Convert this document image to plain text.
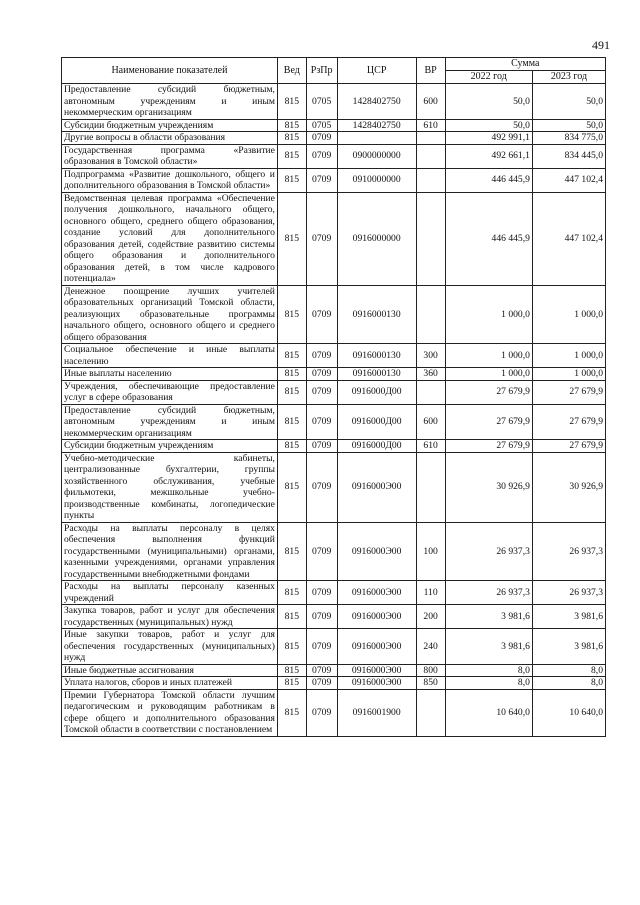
491
Наименование показателей	Вед	РзПр	ЦСР	ВР	Сумма	
					2022 год	2023 год
Предоставление субсидий бюджетным, автономным учреждениям и иным некоммерческим организациям	815	0705	1428402750	600	50,0	50,0
Субсидии бюджетным учреждениям	815	0705	1428402750	610	50,0	50,0
Другие вопросы в области образования	815	0709			492 991,1	834 775,0
Государственная программа «Развитие образования в Томской области»	815	0709	0900000000		492 661,1	834 445,0
Подпрограмма «Развитие дошкольного, общего и дополнительного образования в Томской области»	815	0709	0910000000		446 445,9	447 102,4
Ведомственная целевая программа «Обеспечение получения дошкольного, начального общего, основного общего, среднего общего образования, создание условий для дополнительного образования детей, содействие развитию системы общего образования и дополнительного образования детей, в том числе кадрового потенциала»	815	0709	0916000000		446 445,9	447 102,4
Денежное поощрение лучших учителей образовательных организаций Томской области, реализующих образовательные программы начального общего, основного общего и среднего общего образования	815	0709	0916000130		1 000,0	1 000,0
Социальное обеспечение и иные выплаты населению	815	0709	0916000130	300	1 000,0	1 000,0
Иные выплаты населению	815	0709	0916000130	360	1 000,0	1 000,0
Учреждения, обеспечивающие предоставление услуг в сфере образования	815	0709	0916000Д00		27 679,9	27 679,9
Предоставление субсидий бюджетным, автономным учреждениям и иным некоммерческим организациям	815	0709	0916000Д00	600	27 679,9	27 679,9
Субсидии бюджетным учреждениям	815	0709	0916000Д00	610	27 679,9	27 679,9
Учебно-методические кабинеты, централизованные бухгалтерии, группы хозяйственного обслуживания, учебные фильмотеки, межшкольные учебно-производственные комбинаты, логопедические пункты	815	0709	0916000Э00		30 926,9	30 926,9
Расходы на выплаты персоналу в целях обеспечения выполнения функций государственными (муниципальными) органами, казенными учреждениями, органами управления государственными внебюджетными фондами	815	0709	0916000Э00	100	26 937,3	26 937,3
Расходы на выплаты персоналу казенных учреждений	815	0709	0916000Э00	110	26 937,3	26 937,3
Закупка товаров, работ и услуг для обеспечения государственных (муниципальных) нужд	815	0709	0916000Э00	200	3 981,6	3 981,6
Иные закупки товаров, работ и услуг для обеспечения государственных (муниципальных) нужд	815	0709	0916000Э00	240	3 981,6	3 981,6
Иные бюджетные ассигнования	815	0709	0916000Э00	800	8,0	8,0
Уплата налогов, сборов и иных платежей	815	0709	0916000Э00	850	8,0	8,0
Премии Губернатора Томской области лучшим педагогическим и руководящим работникам в сфере общего и дополнительного образования Томской области в соответствии с постановлением	815	0709	0916001900		10 640,0	10 640,0
